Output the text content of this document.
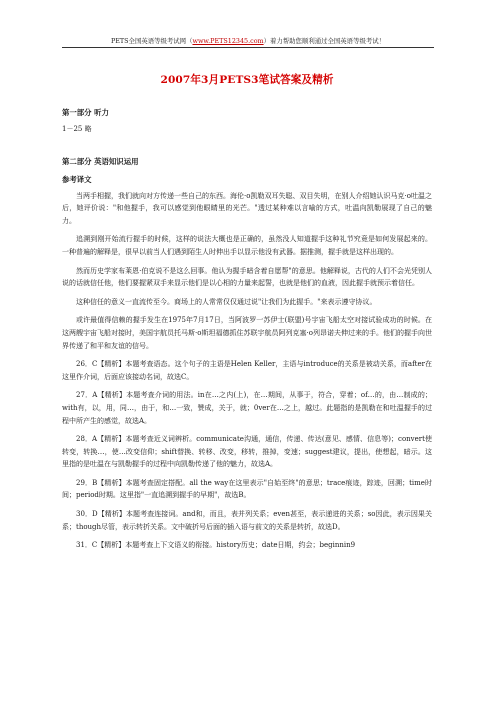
PETS全国英语等级考试网（www.PETS12345.com）着力帮助您顺利通过全国英语等级考试！
2007年3月PETS3笔试答案及精析
第一部分 听力
1－25 略
第二部分 英语知识运用
参考译文
当两手相握，我们就向对方传递一些自己的东西。海伦·o凯勒双耳失聪、双目失明，在别人介绍她认识马克·o吐温之后，她评价说："和他握手，我可以感觉到他眼睛里的光芒。"透过某种难以言喻的方式，吐温向凯勒展现了自己的魅力。
追溯到刚开始流行握手的时候，这样的说法大概也是正确的，虽然没人知道握手这种礼节究竟是如何发展起来的。一种普遍的解释是，很早以前当人们遇到陌生人时伸出手以显示他没有武器。据推测，握手就是这样出现的。
然而历史学家布莱恩·伯克说不是这么回事。他认为握手暗含着自愿帮"的意思。他解释说，古代的人们不会光凭别人说的话就信任他，他们要握紧双手来显示他们是以心相的力量来起誓，也就是他们的血液，因此握手就预示着信任。
这种信任的意义一直流传至今。商场上的人常常仅仅通过说"让我们为此握手。"来表示遵守协议。
或许最值得信赖的握手发生在1975年7月17日，当阿波罗一苏伊士(联盟)号宇宙飞船太空对接试验成功的时候。在这两艘宇宙飞船对接时，美国宇航员托马斯·o斯坦福德抓住苏联宇航员阿列克塞·o列昂诺夫伸过来的手。他们的握手向世界传递了和平和友谊的信号。
26．C【精析】本题考查语态。这个句子的主语是Helen Keller，主语与introduce的关系是被动关系，而after在这里作介词，后面应该接动名词，故选C。
27．A【精析】本题考查介词的用法。in在…之内(上)，在…期间，从事于，符合，穿着；of…的，由…制成的；with有，以，用，同…，由于，和…一致，赞成，关于，就；0ver在…之上，越过。此题指的是凯勒在和吐温握手的过程中所产生的感觉，故选A。
28．A【精析】本题考查近义词辨析。communicate沟通，通信，传递、传达(意见、感情、信息等)；convert使转变，转换…，使…改变信仰；shift替换、转移、改变，移转，推掉，变速；suggest建议，提出，使想起，暗示。这里指的是吐温在与凯勒握手的过程中向凯勒传递了他的魅力，故选A。
29．B【精析】本题考查固定搭配。all the way在这里表示"自始至终"的意思；trace痕迹，踪迹，回溯；time时间；period时期。这里指"一直追溯到握手的早期"，故选B。
30．D【精析】本题考查连接词。and和，而且，表并列关系；even甚至，表示递进的关系；so因此，表示因果关系；though尽管，表示转折关系。文中破折号后面的插入语与前文的关系是转折，故选D。
31．C【精析】本题考查上下文语义的衔接。history历史；date日期，约会；beginnin9
